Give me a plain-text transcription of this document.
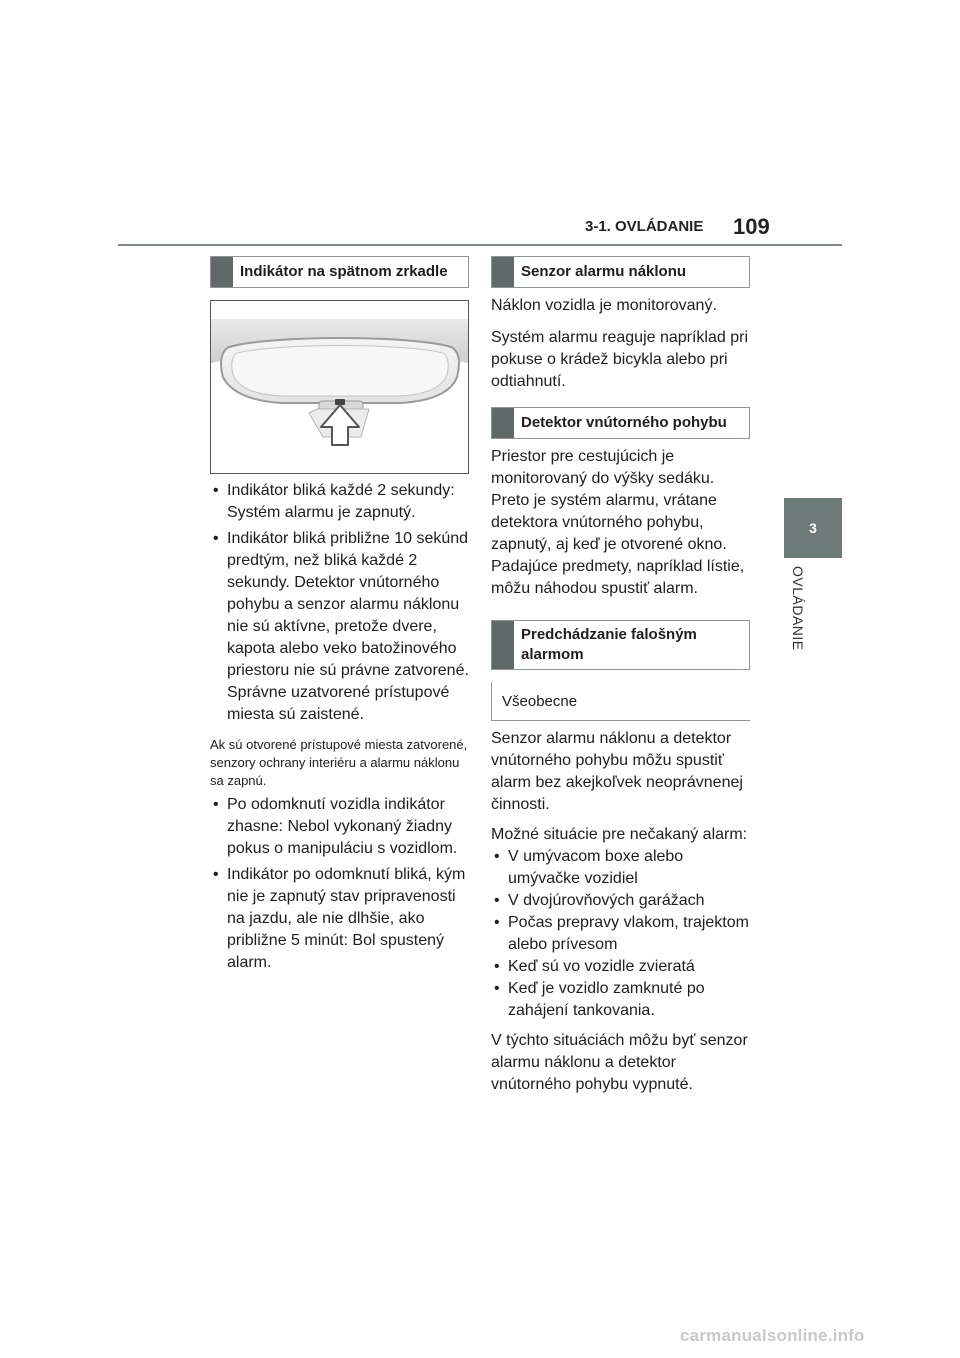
3-1. OVLÁDANIE 109
3
OVLÁDANIE
Indikátor na spätnom zrkadle
• Indikátor bliká každé 2 sekundy: Systém alarmu je zapnutý.
• Indikátor bliká približne 10 sekúnd predtým, než bliká každé 2 sekundy. Detektor vnútorného pohybu a senzor alarmu náklonu nie sú aktívne, pretože dvere, kapota alebo veko batožinového priestoru nie sú právne zatvorené. Správne uzatvorené prístupové miesta sú zaistené.

Ak sú otvorené prístupové miesta zatvorené, senzory ochrany interiéru a alarmu náklonu sa zapnú.

• Po odomknutí vozidla indikátor zhasne: Nebol vykonaný žiadny pokus o manipuláciu s vozidlom.
• Indikátor po odomknutí bliká, kým nie je zapnutý stav pripravenosti na jazdu, ale nie dlhšie, ako približne 5 minút: Bol spustený alarm.
Senzor alarmu náklonu

Náklon vozidla je monitorovaný.

Systém alarmu reaguje napríklad pri pokuse o krádež bicykla alebo pri odtiahnutí.

Detektor vnútorného pohybu

Priestor pre cestujúcich je monitorovaný do výšky sedáku. Preto je systém alarmu, vrátane detektora vnútorného pohybu, zapnutý, aj keď je otvorené okno. Padajúce predmety, napríklad lístie, môžu náhodou spustiť alarm.

Predchádzanie falošným alarmom
Všeobecne

Senzor alarmu náklonu a detektor vnútorného pohybu môžu spustiť alarm bez akejkoľvek neoprávnenej činnosti.

Možné situácie pre nečakaný alarm:

• V umývacom boxe alebo umývačke vozidiel
• V dvojúrovňových garážach
• Počas prepravy vlakom, trajektom alebo prívesom
• Keď sú vo vozidle zvieratá
• Keď je vozidlo zamknuté po zahájení tankovania.

V týchto situáciách môžu byť senzor alarmu náklonu a detektor vnútorného pohybu vypnuté.

carmanualsonline.info
